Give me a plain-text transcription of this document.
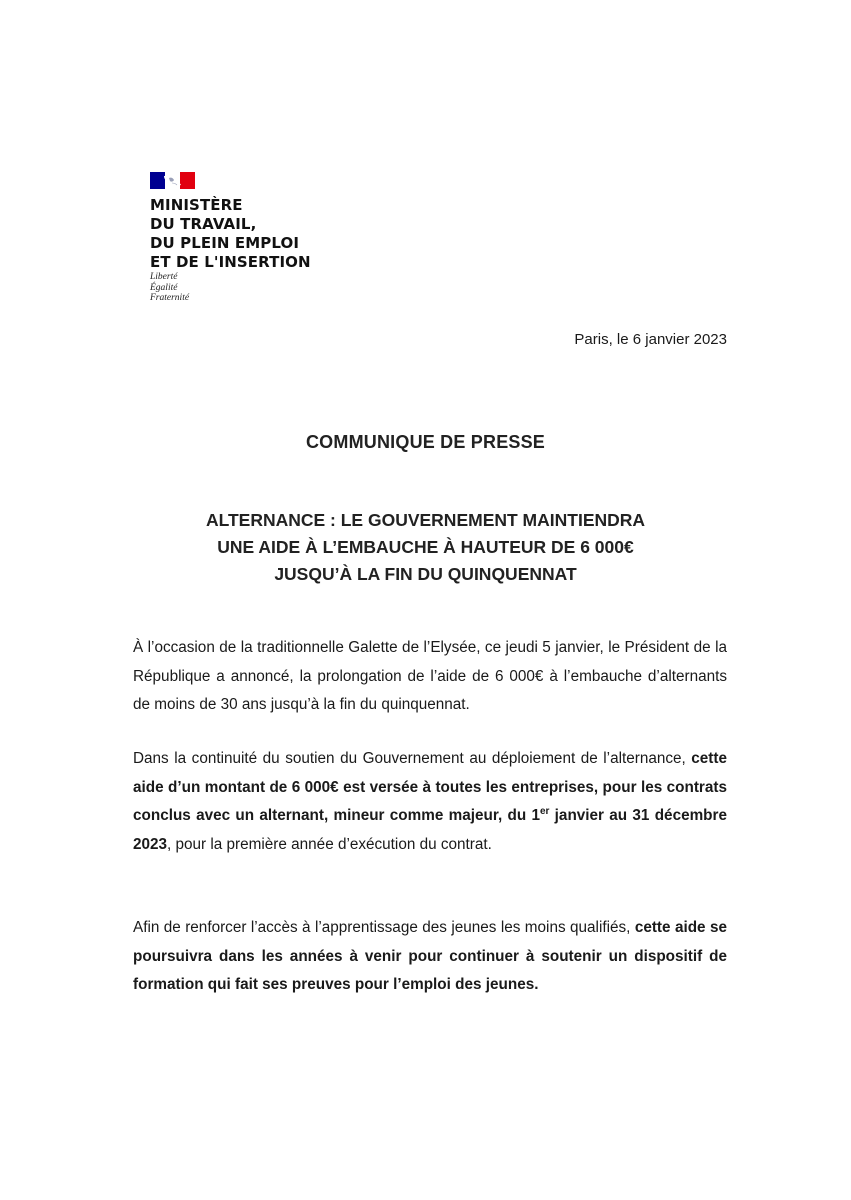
MINISTÈRE
DU TRAVAIL,
DU PLEIN EMPLOI
ET DE L'INSERTION
Liberté
Égalité
Fraternité
Paris, le 6 janvier 2023
COMMUNIQUE DE PRESSE
ALTERNANCE : LE GOUVERNEMENT MAINTIENDRA
UNE AIDE À L’EMBAUCHE À HAUTEUR DE 6 000€
JUSQU’À LA FIN DU QUINQUENNAT

À l’occasion de la traditionnelle Galette de l’Elysée, ce jeudi 5 janvier, le Président de la République a annoncé, la prolongation de l’aide de 6 000€ à l’embauche d’alternants de moins de 30 ans jusqu’à la fin du quinquennat.

Dans la continuité du soutien du Gouvernement au déploiement de l’alternance, cette aide d’un montant de 6 000€ est versée à toutes les entreprises, pour les contrats conclus avec un alternant, mineur comme majeur, du 1er janvier au 31 décembre 2023, pour la première année d’exécution du contrat.

Afin de renforcer l’accès à l’apprentissage des jeunes les moins qualifiés, cette aide se poursuivra dans les années à venir pour continuer à soutenir un dispositif de formation qui fait ses preuves pour l’emploi des jeunes.
